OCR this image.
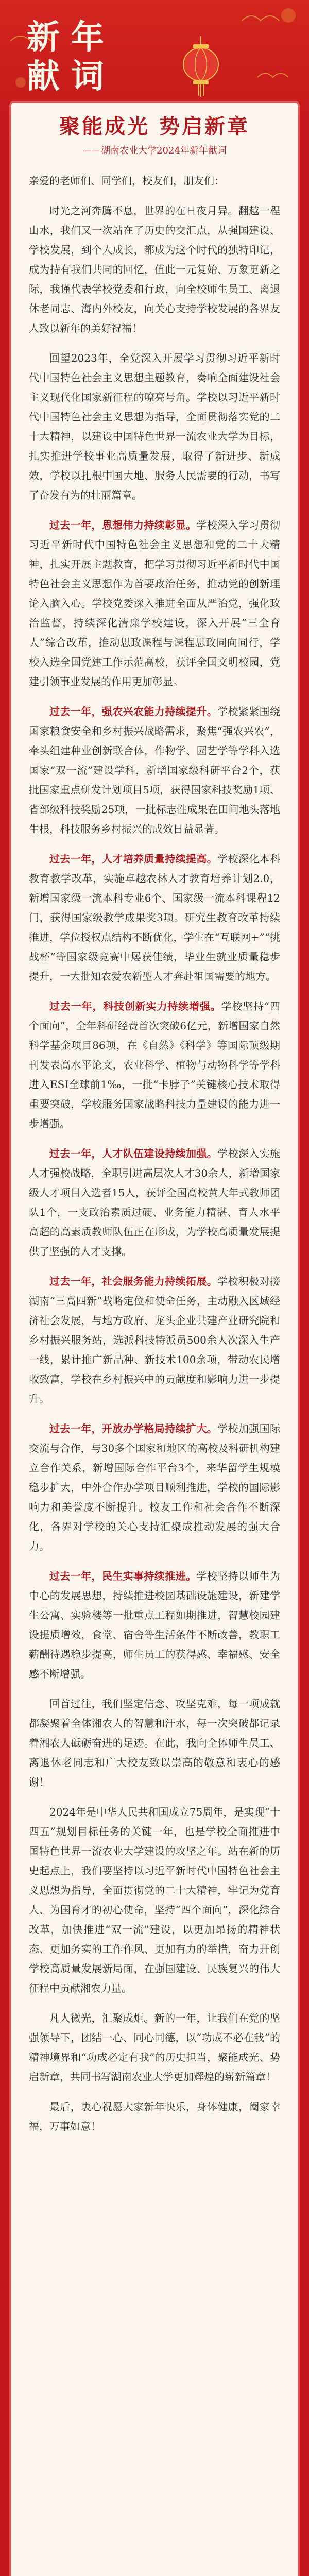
新年
献词
聚能成光 势启新章
——湖南农业大学2024年新年献词

亲爱的老师们、同学们，校友们，朋友们：

时光之河奔腾不息，世界的在日夜月异。翻越一程山水，我们又一次站在了历史的交汇点，从强国建设、学校发展，到个人成长，都成为这个时代的独特印记，成为持有我们共同的回忆，值此一元复始、万象更新之际，我谨代表学校党委和行政，向全校师生员工、离退休老同志、海内外校友，向关心支持学校发展的各界友人致以新年的美好祝福！

回望2023年，全党深入开展学习贯彻习近平新时代中国特色社会主义思想主题教育，奏响全面建设社会主义现代化国家新征程的嘹亮号角。学校以习近平新时代中国特色社会主义思想为指导，全面贯彻落实党的二十大精神，以建设中国特色世界一流农业大学为目标，扎实推进学校事业高质量发展，取得了新进步、新成效，学校以扎根中国大地、服务人民需要的行动，书写了奋发有为的壮丽篇章。

过去一年，思想伟力持续彰显。学校深入学习贯彻习近平新时代中国特色社会主义思想和党的二十大精神，扎实开展主题教育，把学习贯彻习近平新时代中国特色社会主义思想作为首要政治任务，推动党的创新理论入脑入心。学校党委深入推进全面从严治党，强化政治监督，持续深化清廉学校建设，深入开展“三全育人”综合改革，推动思政课程与课程思政同向同行，学校入选全国党建工作示范高校，获评全国文明校园，党建引领事业发展的作用更加彰显。

过去一年，强农兴农能力持续提升。学校紧紧围绕国家粮食安全和乡村振兴战略需求，聚焦“强农兴农”，牵头组建种业创新联合体，作物学、园艺学等学科入选国家“双一流”建设学科，新增国家级科研平台2个，获批国家重点研发计划项目5项，获得国家科技奖励1项、省部级科技奖励25项，一批标志性成果在田间地头落地生根，科技服务乡村振兴的成效日益显著。

过去一年，人才培养质量持续提高。学校深化本科教育教学改革，实施卓越农林人才教育培养计划2.0，新增国家级一流本科专业6个、国家级一流本科课程12门，获得国家级教学成果奖3项。研究生教育改革持续推进，学位授权点结构不断优化，学生在“互联网+”“挑战杯”等国家级竞赛中屡获佳绩，毕业生就业质量稳步提升，一大批知农爱农新型人才奔赴祖国需要的地方。

过去一年，科技创新实力持续增强。学校坚持“四个面向”，全年科研经费首次突破6亿元，新增国家自然科学基金项目86项，在《自然》《科学》等国际顶级期刊发表高水平论文，农业科学、植物与动物科学等学科进入ESI全球前1‰，一批“卡脖子”关键核心技术取得重要突破，学校服务国家战略科技力量建设的能力进一步增强。

过去一年，人才队伍建设持续加强。学校深入实施人才强校战略，全职引进高层次人才30余人，新增国家级人才项目入选者15人，获评全国高校黄大年式教师团队1个，一支政治素质过硬、业务能力精湛、育人水平高超的高素质教师队伍正在形成，为学校高质量发展提供了坚强的人才支撑。

过去一年，社会服务能力持续拓展。学校积极对接湖南“三高四新”战略定位和使命任务，主动融入区域经济社会发展，与地方政府、龙头企业共建产业研究院和乡村振兴服务站，选派科技特派员500余人次深入生产一线，累计推广新品种、新技术100余项，带动农民增收致富，学校在乡村振兴中的贡献度和影响力进一步提升。

过去一年，开放办学格局持续扩大。学校加强国际交流与合作，与30多个国家和地区的高校及科研机构建立合作关系，新增国际合作平台3个，来华留学生规模稳步扩大，中外合作办学项目顺利推进，学校的国际影响力和美誉度不断提升。校友工作和社会合作不断深化，各界对学校的关心支持汇聚成推动发展的强大合力。

过去一年，民生实事持续推进。学校坚持以师生为中心的发展思想，持续推进校园基础设施建设，新建学生公寓、实验楼等一批重点工程如期推进，智慧校园建设提质增效，食堂、宿舍等生活条件不断改善，教职工薪酬待遇稳步提高，师生员工的获得感、幸福感、安全感不断增强。

回首过往，我们坚定信念、攻坚克难，每一项成就都凝聚着全体湘农人的智慧和汗水，每一次突破都记录着湘农人砥砺奋进的足迹。在此，我向全体师生员工、离退休老同志和广大校友致以崇高的敬意和衷心的感谢！

2024年是中华人民共和国成立75周年，是实现“十四五”规划目标任务的关键一年，也是学校全面推进中国特色世界一流农业大学建设的攻坚之年。站在新的历史起点上，我们要坚持以习近平新时代中国特色社会主义思想为指导，全面贯彻党的二十大精神，牢记为党育人、为国育才的初心使命，坚持“四个面向”，深化综合改革，加快推进“双一流”建设，以更加昂扬的精神状态、更加务实的工作作风、更加有力的举措，奋力开创学校高质量发展新局面，在强国建设、民族复兴的伟大征程中贡献湘农力量。

凡人微光，汇聚成炬。新的一年，让我们在党的坚强领导下，团结一心、同心同德，以“功成不必在我”的精神境界和“功成必定有我”的历史担当，聚能成光、势启新章，共同书写湖南农业大学更加辉煌的崭新篇章！

最后，衷心祝愿大家新年快乐，身体健康，阖家幸福，万事如意！
